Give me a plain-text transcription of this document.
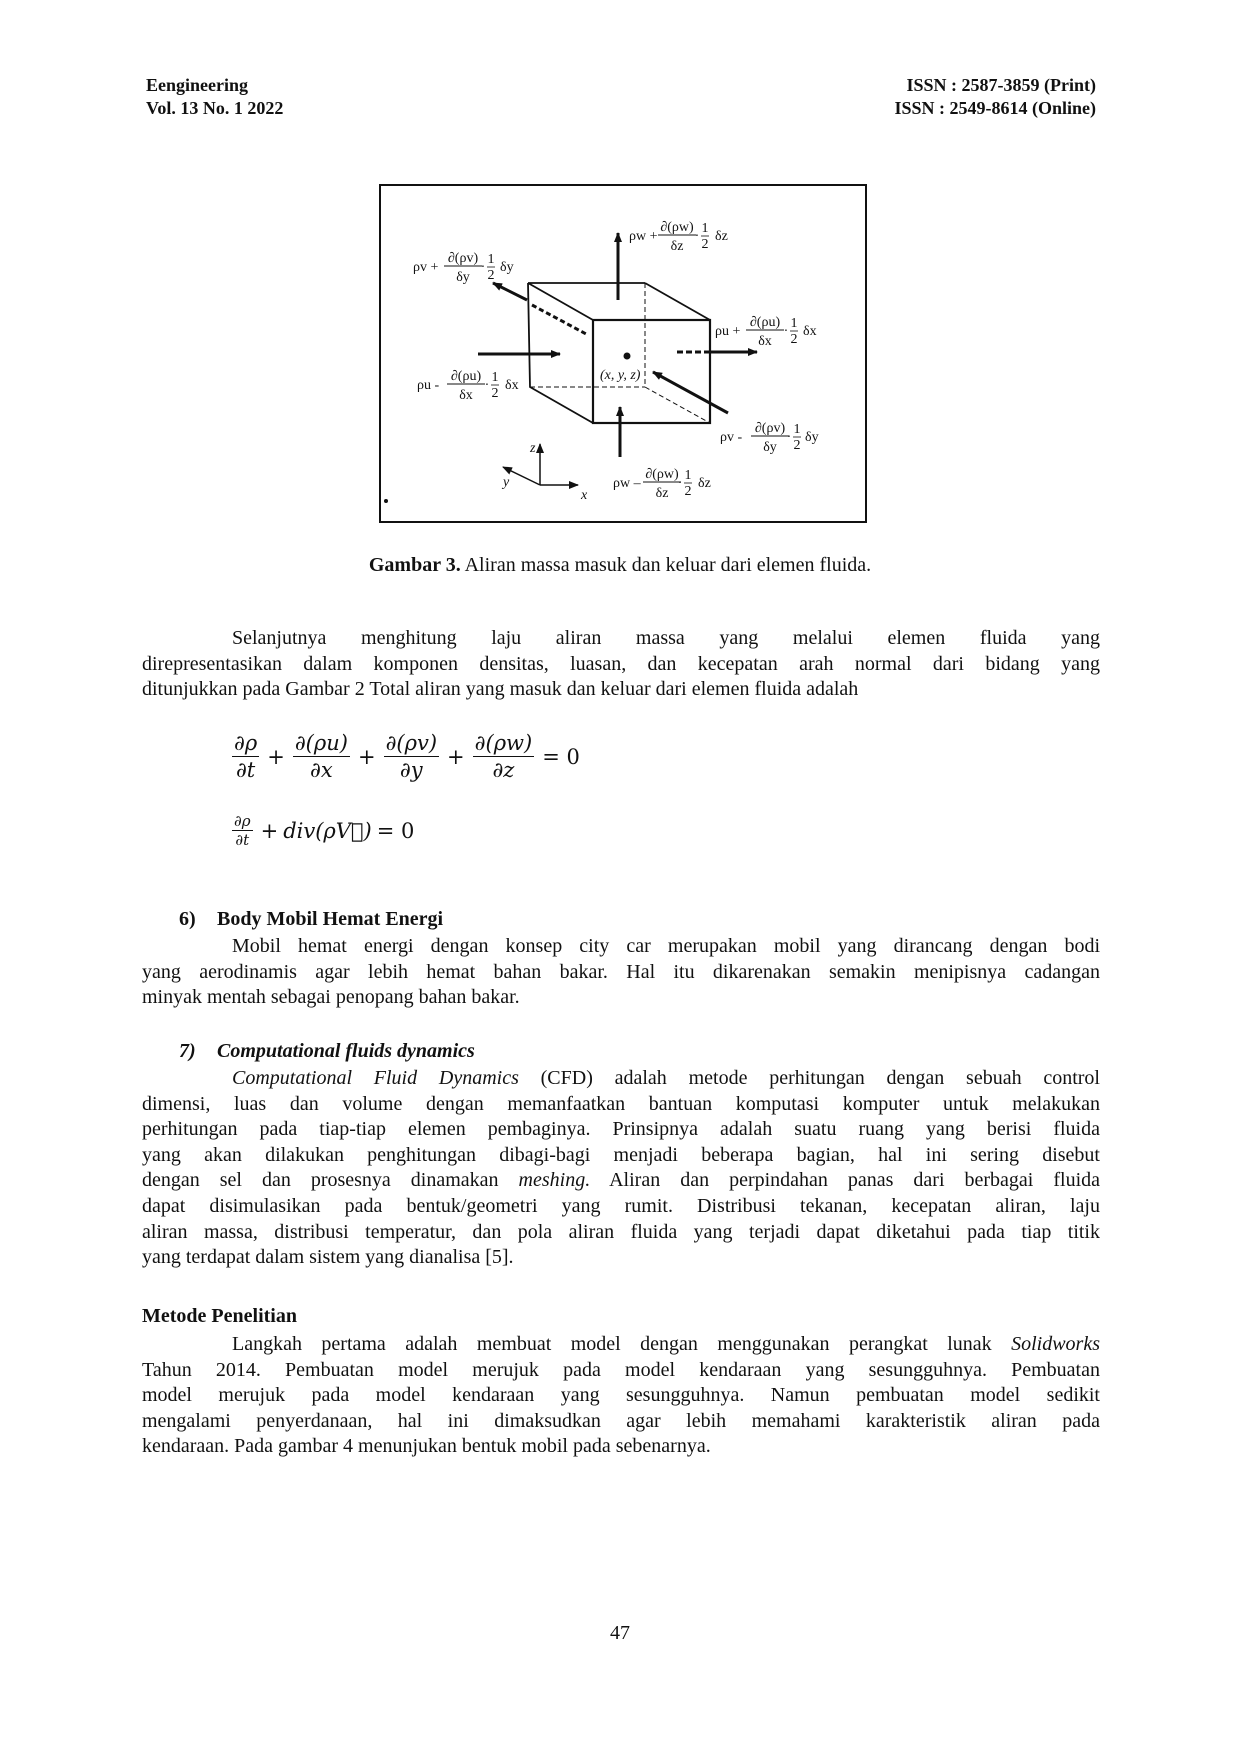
Eengineering
Vol. 13 No. 1 2022
ISSN : 2587-3859 (Print)
ISSN : 2549-8614 (Online)
(x, y, z)
z
x
y
ρw +
∂(ρw)
δz
·
1
2
δz
ρv +
∂(ρv)
δy
·
1
2
δy
ρu +
∂(ρu)
δx
·
1
2
δx
ρu -
∂(ρu)
δx
·
1
2
δx
ρv -
∂(ρv)
δy
·
1
2
δy
ρw –
∂(ρw)
δz
·
1
2
δz
Gambar 3. Aliran massa masuk dan keluar dari elemen fluida.
Selanjutnya menghitung laju aliran massa yang melalui elemen fluida yang
direpresentasikan dalam komponen densitas, luasan, dan kecepatan arah normal dari bidang yang
ditunjukkan pada Gambar 2 Total aliran yang masuk dan keluar dari elemen fluida adalah
$\frac{\partial\rho}{\partial t} + \frac{\partial(\rho u)}{\partial x} + \frac{\partial(\rho v)}{\partial y} + \frac{\partial(\rho w)}{\partial z} = 0$
$\frac{\partial\rho}{\partial t}$ + div(ρV⃗) = 0
6) Body Mobil Hemat Energi
Mobil hemat energi dengan konsep city car merupakan mobil yang dirancang dengan bodi
yang aerodinamis agar lebih hemat bahan bakar. Hal itu dikarenakan semakin menipisnya cadangan
minyak mentah sebagai penopang bahan bakar.
7) Computational fluids dynamics
Computational Fluid Dynamics (CFD) adalah metode perhitungan dengan sebuah control
dimensi, luas dan volume dengan memanfaatkan bantuan komputasi komputer untuk melakukan
perhitungan pada tiap-tiap elemen pembaginya. Prinsipnya adalah suatu ruang yang berisi fluida
yang akan dilakukan penghitungan dibagi-bagi menjadi beberapa bagian, hal ini sering disebut
dengan sel dan prosesnya dinamakan meshing. Aliran dan perpindahan panas dari berbagai fluida
dapat disimulasikan pada bentuk/geometri yang rumit. Distribusi tekanan, kecepatan aliran, laju
aliran massa, distribusi temperatur, dan pola aliran fluida yang terjadi dapat diketahui pada tiap titik
yang terdapat dalam sistem yang dianalisa [5].
Metode Penelitian
Langkah pertama adalah membuat model dengan menggunakan perangkat lunak Solidworks
Tahun 2014. Pembuatan model merujuk pada model kendaraan yang sesungguhnya. Pembuatan
model merujuk pada model kendaraan yang sesungguhnya. Namun pembuatan model sedikit
mengalami penyerdanaan, hal ini dimaksudkan agar lebih memahami karakteristik aliran pada
kendaraan. Pada gambar 4 menunjukan bentuk mobil pada sebenarnya.
47
